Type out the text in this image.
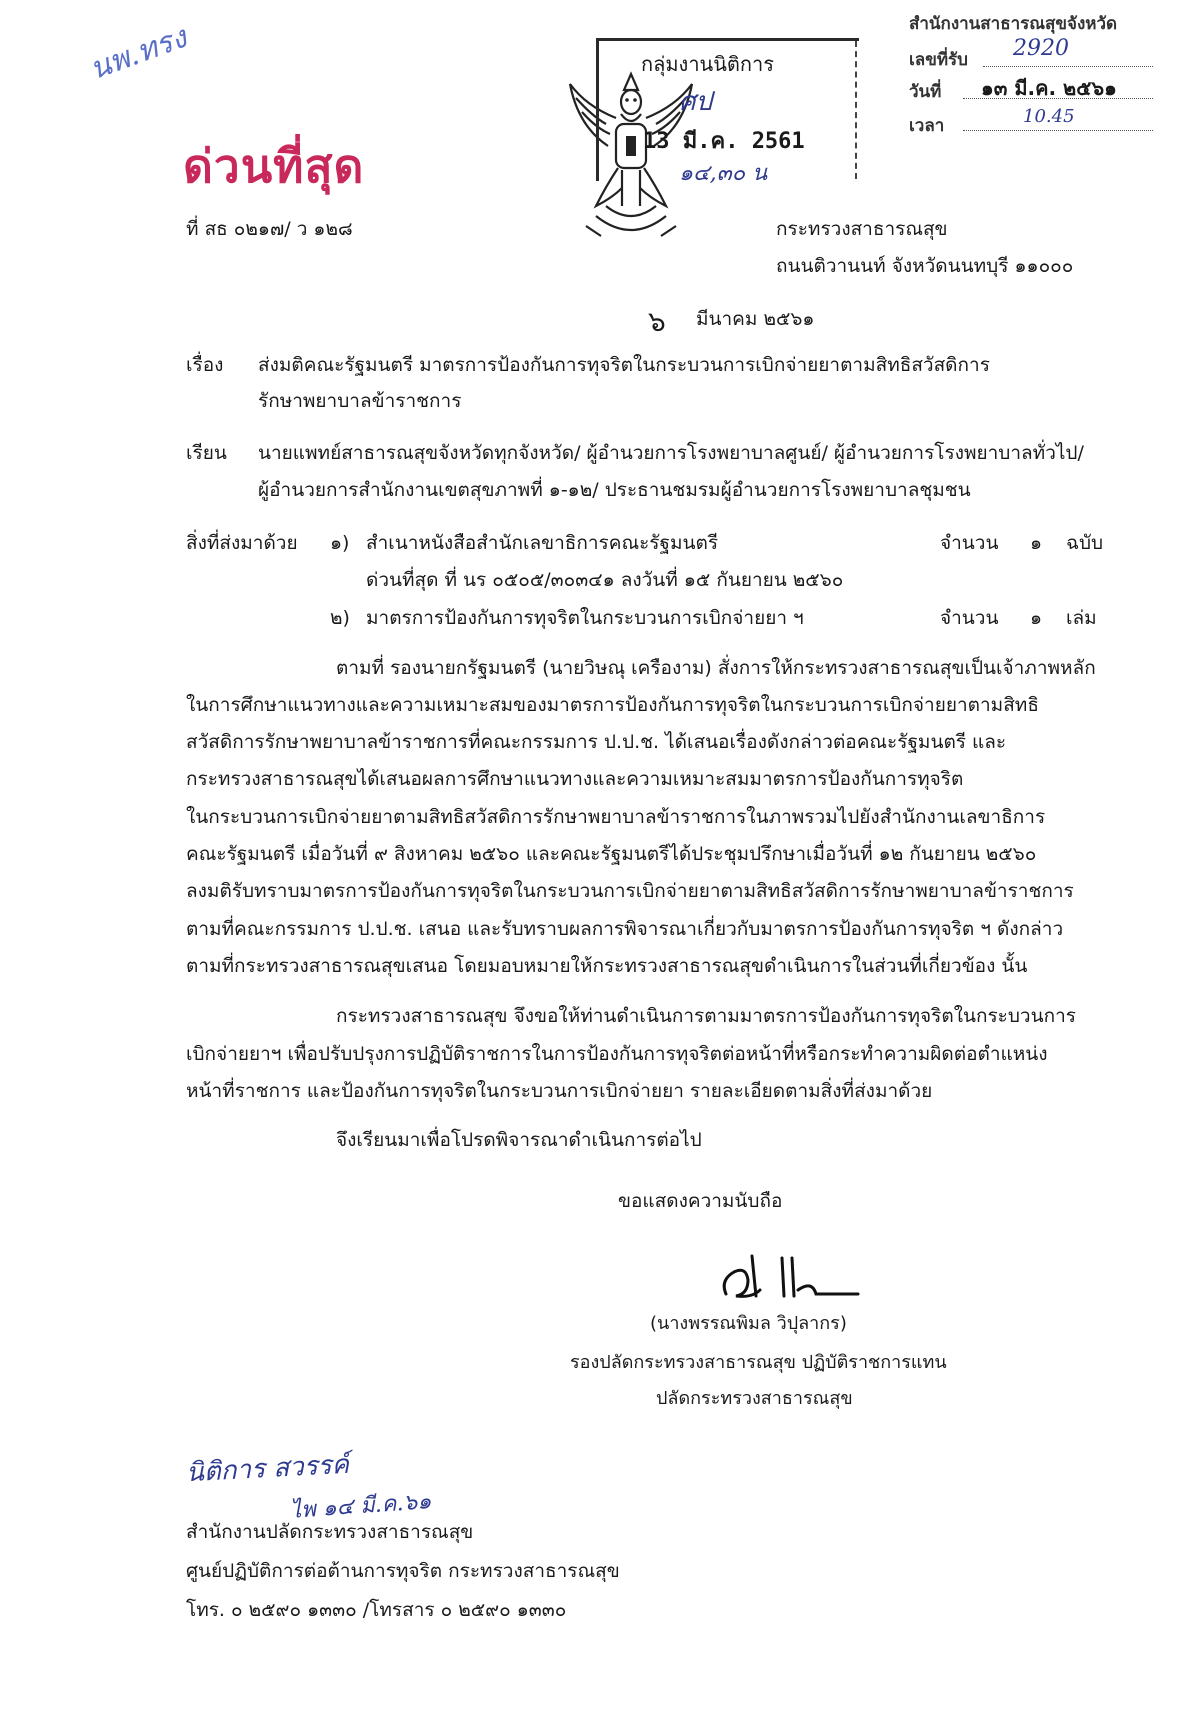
นพ.ทรง
ด่วนที่สุด
ที่ สธ ๐๒๑๗/ ว ๑๒๘
กลุ่มงานนิติการ
ศป
13 มี.ค. 2561
๑๔,๓๐ น
สำนักงานสาธารณสุขจังหวัด
เลขที่รับ 2920
วันที่ ๑๓ มี.ค. ๒๕๖๑
เวลา	10.45
กระทรวงสาธารณสุข
ถนนติวานนท์ จังหวัดนนทบุรี ๑๑๐๐๐
๖ มีนาคม ๒๕๖๑
เรื่อง ส่งมติคณะรัฐมนตรี มาตรการป้องกันการทุจริตในกระบวนการเบิกจ่ายยาตามสิทธิสวัสดิการ
รักษาพยาบาลข้าราชการ
เรียน นายแพทย์สาธารณสุขจังหวัดทุกจังหวัด/ ผู้อำนวยการโรงพยาบาลศูนย์/ ผู้อำนวยการโรงพยาบาลทั่วไป/
ผู้อำนวยการสำนักงานเขตสุขภาพที่ ๑-๑๒/ ประธานชมรมผู้อำนวยการโรงพยาบาลชุมชน
สิ่งที่ส่งมาด้วย ๑) สำเนาหนังสือสำนักเลขาธิการคณะรัฐมนตรี	จำนวน ๑ ฉบับ
ด่วนที่สุด ที่ นร ๐๕๐๕/๓๐๓๔๑ ลงวันที่ ๑๕ กันยายน ๒๕๖๐
๒) มาตรการป้องกันการทุจริตในกระบวนการเบิกจ่ายยา ฯ	จำนวน ๑ เล่ม
ตามที่ รองนายกรัฐมนตรี (นายวิษณุ เครืองาม) สั่งการให้กระทรวงสาธารณสุขเป็นเจ้าภาพหลัก
ในการศึกษาแนวทางและความเหมาะสมของมาตรการป้องกันการทุจริตในกระบวนการเบิกจ่ายยาตามสิทธิ
สวัสดิการรักษาพยาบาลข้าราชการที่คณะกรรมการ ป.ป.ช. ได้เสนอเรื่องดังกล่าวต่อคณะรัฐมนตรี และ
กระทรวงสาธารณสุขได้เสนอผลการศึกษาแนวทางและความเหมาะสมมาตรการป้องกันการทุจริต
ในกระบวนการเบิกจ่ายยาตามสิทธิสวัสดิการรักษาพยาบาลข้าราชการในภาพรวมไปยังสำนักงานเลขาธิการ
คณะรัฐมนตรี เมื่อวันที่ ๙ สิงหาคม ๒๕๖๐ และคณะรัฐมนตรีได้ประชุมปรึกษาเมื่อวันที่ ๑๒ กันยายน ๒๕๖๐
ลงมติรับทราบมาตรการป้องกันการทุจริตในกระบวนการเบิกจ่ายยาตามสิทธิสวัสดิการรักษาพยาบาลข้าราชการ
ตามที่คณะกรรมการ ป.ป.ช. เสนอ และรับทราบผลการพิจารณาเกี่ยวกับมาตรการป้องกันการทุจริต ฯ ดังกล่าว
ตามที่กระทรวงสาธารณสุขเสนอ โดยมอบหมายให้กระทรวงสาธารณสุขดำเนินการในส่วนที่เกี่ยวข้อง นั้น
กระทรวงสาธารณสุข จึงขอให้ท่านดำเนินการตามมาตรการป้องกันการทุจริตในกระบวนการ
เบิกจ่ายยาฯ เพื่อปรับปรุงการปฏิบัติราชการในการป้องกันการทุจริตต่อหน้าที่หรือกระทำความผิดต่อตำแหน่ง
หน้าที่ราชการ และป้องกันการทุจริตในกระบวนการเบิกจ่ายยา รายละเอียดตามสิ่งที่ส่งมาด้วย
จึงเรียนมาเพื่อโปรดพิจารณาดำเนินการต่อไป
ขอแสดงความนับถือ
(นางพรรณพิมล วิปุลากร)
รองปลัดกระทรวงสาธารณสุข ปฏิบัติราชการแทน
ปลัดกระทรวงสาธารณสุข
นิติการ สวรรค์
ไพ ๑๔ มี.ค.๖๑
สำนักงานปลัดกระทรวงสาธารณสุข
ศูนย์ปฏิบัติการต่อต้านการทุจริต กระทรวงสาธารณสุข
โทร. ๐ ๒๕๙๐ ๑๓๓๐ /โทรสาร ๐ ๒๕๙๐ ๑๓๓๐
